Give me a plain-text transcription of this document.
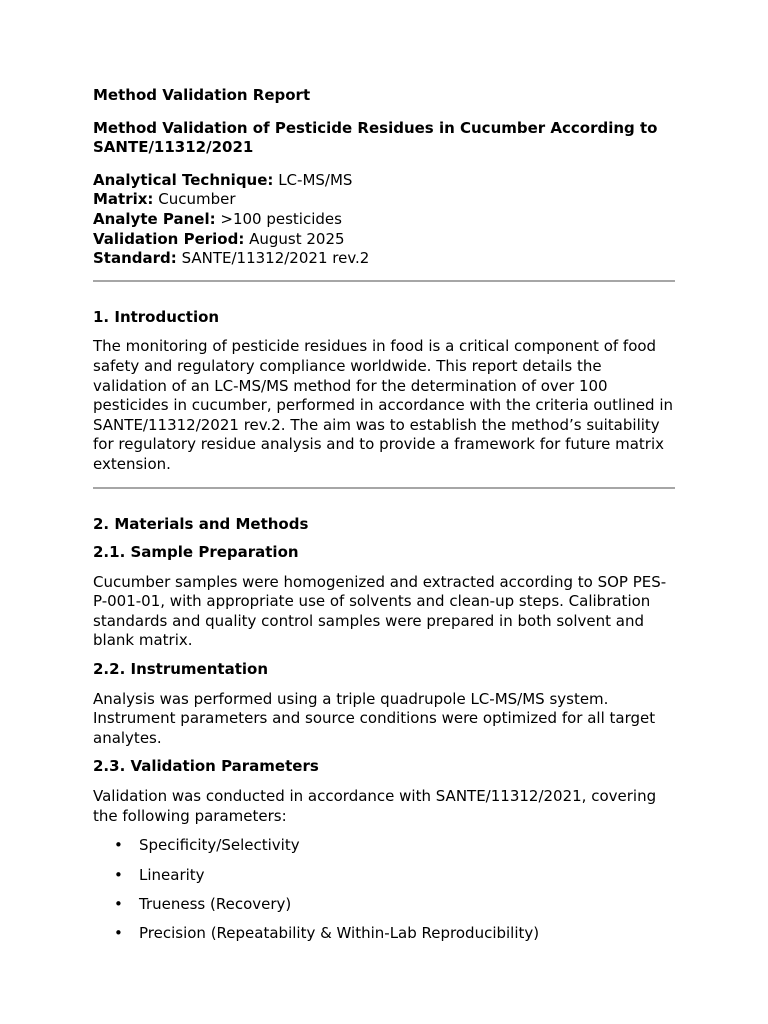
Method Validation Report

Method Validation of Pesticide Residues in Cucumber According to SANTE/11312/2021

Analytical Technique: LC-MS/MS

Matrix: Cucumber

Analyte Panel: >100 pesticides

Validation Period: August 2025

Standard: SANTE/11312/2021 rev.2

1. Introduction

The monitoring of pesticide residues in food is a critical component of food safety and regulatory compliance worldwide. This report details the validation of an LC-MS/MS method for the determination of over 100 pesticides in cucumber, performed in accordance with the criteria outlined in SANTE/11312/2021 rev.2. The aim was to establish the method’s suitability for regulatory residue analysis and to provide a framework for future matrix extension.

2. Materials and Methods
2.1. Sample Preparation

Cucumber samples were homogenized and extracted according to SOP PES-P-001-01, with appropriate use of solvents and clean-up steps. Calibration standards and quality control samples were prepared in both solvent and blank matrix.

2.2. Instrumentation

Analysis was performed using a triple quadrupole LC-MS/MS system. Instrument parameters and source conditions were optimized for all target analytes.

2.3. Validation Parameters

Validation was conducted in accordance with SANTE/11312/2021, covering the following parameters:

• Specificity/Selectivity
• Linearity
• Trueness (Recovery)
• Precision (Repeatability & Within-Lab Reproducibility)
